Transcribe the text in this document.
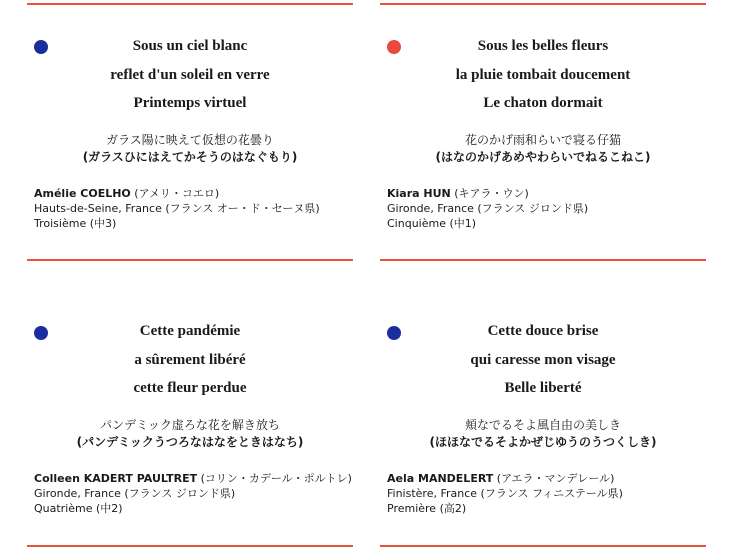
Sous un ciel blanc
reflet d'un soleil en verre
Printemps virtuel
ガラス陽に映えて仮想の花曇り
(ガラスひにはえてかそうのはなぐもり)
Amélie COELHO (アメリ・コエロ)
Hauts-de-Seine, France (フランス オー・ド・セーヌ県)
Troisième (中3)
Sous les belles fleurs
la pluie tombait doucement
Le chaton dormait
花のかげ雨和らいで寝る仔猫
(はなのかげあめやわらいでねるこねこ)
Kiara HUN (キアラ・ウン)
Gironde, France (フランス ジロンド県)
Cinquième (中1)
Cette pandémie
a sûrement libéré
cette fleur perdue
パンデミック虚ろな花を解き放ち
(パンデミックうつろなはなをときはなち)
Colleen KADERT PAULTRET (コリン・カデール・ポルトレ)
Gironde, France (フランス ジロンド県)
Quatrième (中2)
Cette douce brise
qui caresse mon visage
Belle liberté
頬なでるそよ風自由の美しき
(ほほなでるそよかぜじゆうのうつくしき)
Aela MANDELERT (アエラ・マンデレール)
Finistère, France (フランス フィニステール県)
Première (高2)
